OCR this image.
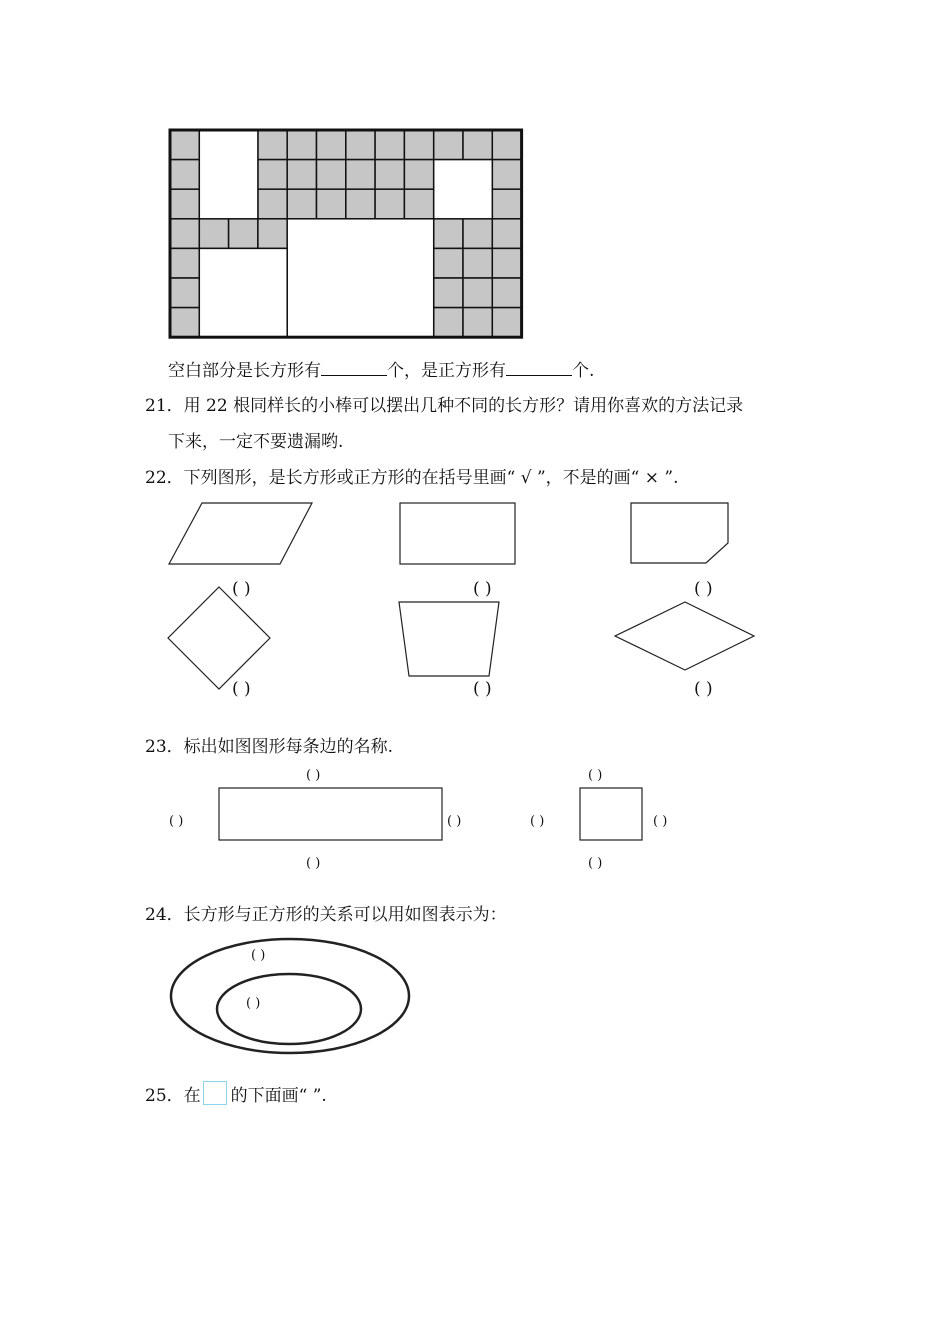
空白部分是长方形有	个，是正方形有	个.
21．用 22 根同样长的小棒可以摆出几种不同的长方形？请用你喜欢的方法记录
下来，一定不要遗漏哟.
22．下列图形，是长方形或正方形的在括号里画“ √ ”，不是的画“ × ”.
( )	( )	( )
( )	( )	( )
23．标出如图图形每条边的名称.
( )
( )	( )
( )
( )
( )	( )
( )
24．长方形与正方形的关系可以用如图表示为：
( )
( )
25．在 的下面画“ ”.
